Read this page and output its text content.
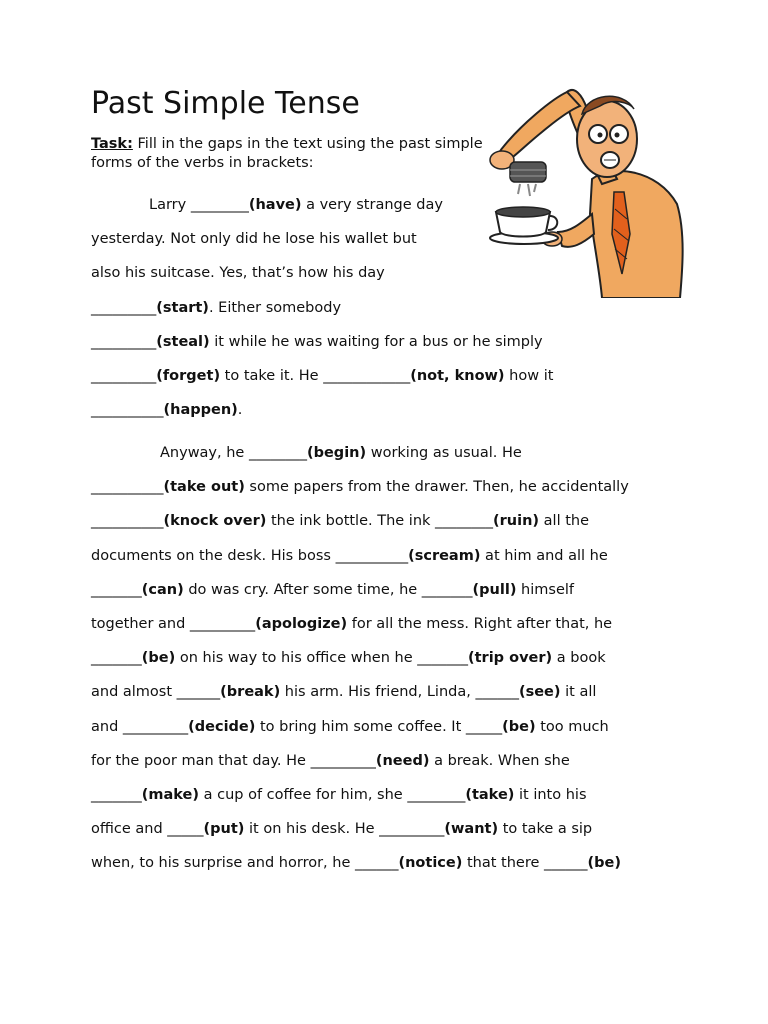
Past Simple Tense
Task: Fill in the gaps in the text using the past simple forms of the verbs in brackets:
Larry ________(have) a very strange day
yesterday. Not only did he lose his wallet but
also his suitcase. Yes, that’s how his day
_________(start). Either somebody
_________(steal) it while he was waiting for a bus or he simply
_________(forget) to take it. He ____________(not, know) how it
__________(happen).
Anyway, he ________(begin) working as usual. He
__________(take out) some papers from the drawer. Then, he accidentally
__________(knock over) the ink bottle. The ink ________(ruin) all the
documents on the desk. His boss __________(scream) at him and all he
_______(can) do was cry. After some time, he _______(pull) himself
together and _________(apologize) for all the mess. Right after that, he
_______(be) on his way to his office when he _______(trip over) a book
and almost ______(break) his arm. His friend, Linda, ______(see) it all
and _________(decide) to bring him some coffee. It _____(be) too much
for the poor man that day. He _________(need) a break. When she
_______(make) a cup of coffee for him, she ________(take) it into his
office and _____(put) it on his desk. He _________(want) to take a sip
when, to his surprise and horror, he ______(notice) that there ______(be)
